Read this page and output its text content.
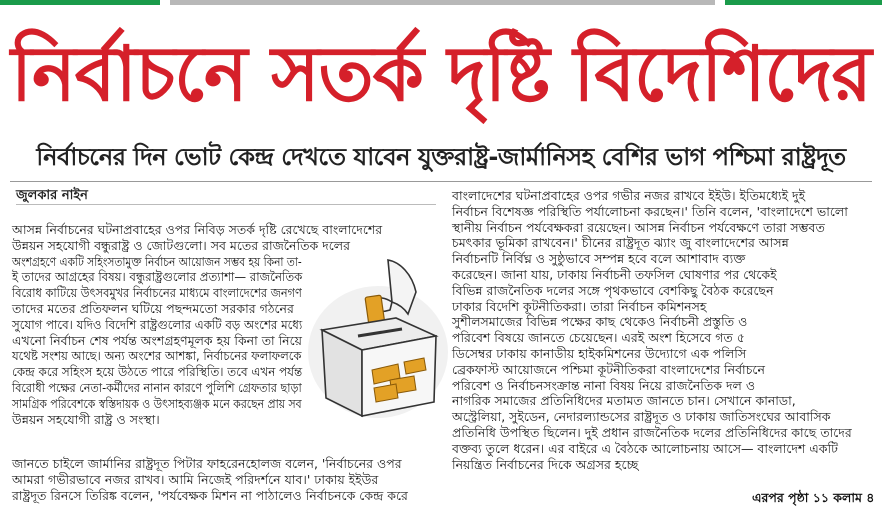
নির্বাচনে সতর্ক দৃষ্টি বিদেশিদের
নির্বাচনের দিন ভোট কেন্দ্র দেখতে যাবেন যুক্তরাষ্ট্র-জার্মানিসহ বেশির ভাগ পশ্চিমা রাষ্ট্রদূত
জুলকার নাইন

আসন্ন নির্বাচনের ঘটনাপ্রবাহের ওপর নিবিড় সতর্ক দৃষ্টি রেখেছে বাংলাদেশের

উন্নয়ন সহযোগী বন্ধুরাষ্ট্র ও জোটগুলো। সব মতের রাজনৈতিক দলের

অংশগ্রহণে একটি সহিংসতামুক্ত নির্বাচন আয়োজন সম্ভব হয় কিনা তা-

ই তাদের আগ্রহের বিষয়। বন্ধুরাষ্ট্রগুলোর প্রত্যাশা— রাজনৈতিক

বিরোধ কাটিয়ে উৎসবমুখর নির্বাচনের মাধ্যমে বাংলাদেশের জনগণ

তাদের মতের প্রতিফলন ঘটিয়ে পছন্দমতো সরকার গঠনের

সুযোগ পাবে। যদিও বিদেশি রাষ্ট্রগুলোর একটি বড় অংশের মধ্যে

এখনো নির্বাচন শেষ পর্যন্ত অংশগ্রহণমূলক হয় কিনা তা নিয়ে

যথেষ্ট সংশয় আছে। অন্য অংশের আশঙ্কা, নির্বাচনের ফলাফলকে

কেন্দ্র করে সহিংস হয়ে উঠতে পারে পরিস্থিতি। তবে এখন পর্যন্ত

বিরোধী পক্ষের নেতা-কর্মীদের নানান কারণে পুলিশি গ্রেফতার ছাড়া

সামগ্রিক পরিবেশকে স্বস্তিদায়ক ও উৎসাহব্যঞ্জক মনে করছেন প্রায় সব

উন্নয়ন সহযোগী রাষ্ট্র ও সংস্থা।

জানতে চাইলে জার্মানির রাষ্ট্রদূত পিটার ফাহরেনহোলজ বলেন, 'নির্বাচনের ওপর

আমরা গভীরভাবে নজর রাখব। আমি নিজেই পরিদর্শনে যাব।' ঢাকায় ইইউর

রাষ্ট্রদূত রিনসে তিরিঙ্ক বলেন, 'পর্যবেক্ষক মিশন না পাঠালেও নির্বাচনকে কেন্দ্র করে

বাংলাদেশের ঘটনাপ্রবাহের ওপর গভীর নজর রাখবে ইইউ। ইতিমধ্যেই দুই

নির্বাচন বিশেষজ্ঞ পরিস্থিতি পর্যালোচনা করছেন।' তিনি বলেন, 'বাংলাদেশে ভালো

স্থানীয় নির্বাচন পর্যবেক্ষকরা রয়েছেন। আসন্ন নির্বাচন পর্যবেক্ষণে তারা সম্ভবত

চমৎকার ভূমিকা রাখবেন।' চীনের রাষ্ট্রদূত ঝ্যাং জু বাংলাদেশের আসন্ন

নির্বাচনটি নির্বিঘ্ন ও সুষ্ঠুভাবে সম্পন্ন হবে বলে আশাবাদ ব্যক্ত

করেছেন। জানা যায়, ঢাকায় নির্বাচনী তফসিল ঘোষণার পর থেকেই

বিভিন্ন রাজনৈতিক দলের সঙ্গে পৃথকভাবে বেশকিছু বৈঠক করেছেন

ঢাকার বিদেশি কূটনীতিকরা। তারা নির্বাচন কমিশনসহ

সুশীলসমাজের বিভিন্ন পক্ষের কাছ থেকেও নির্বাচনী প্রস্তুতি ও

পরিবেশ বিষয়ে জানতে চেয়েছেন। এরই অংশ হিসেবে গত ৫

ডিসেম্বর ঢাকায় কানাডীয় হাইকমিশনের উদ্যোগে এক পলিসি

ব্রেকফাস্ট আয়োজনে পশ্চিমা কূটনীতিকরা বাংলাদেশের নির্বাচনে

পরিবেশ ও নির্বাচনসংক্রান্ত নানা বিষয় নিয়ে রাজনৈতিক দল ও

নাগরিক সমাজের প্রতিনিধিদের মতামত জানতে চান। সেখানে কানাডা,

অস্ট্রেলিয়া, সুইডেন, নেদারল্যান্ডসের রাষ্ট্রদূত ও ঢাকায় জাতিসংঘের আবাসিক

প্রতিনিধি উপস্থিত ছিলেন। দুই প্রধান রাজনৈতিক দলের প্রতিনিধিদের কাছে তাদের

বক্তব্য তুলে ধরেন। এর বাইরে এ বৈঠকে আলোচনায় আসে— বাংলাদেশ একটি

নিয়ন্ত্রিত নির্বাচনের দিকে অগ্রসর হচ্ছে

এরপর পৃষ্ঠা ১১ কলাম ৪
